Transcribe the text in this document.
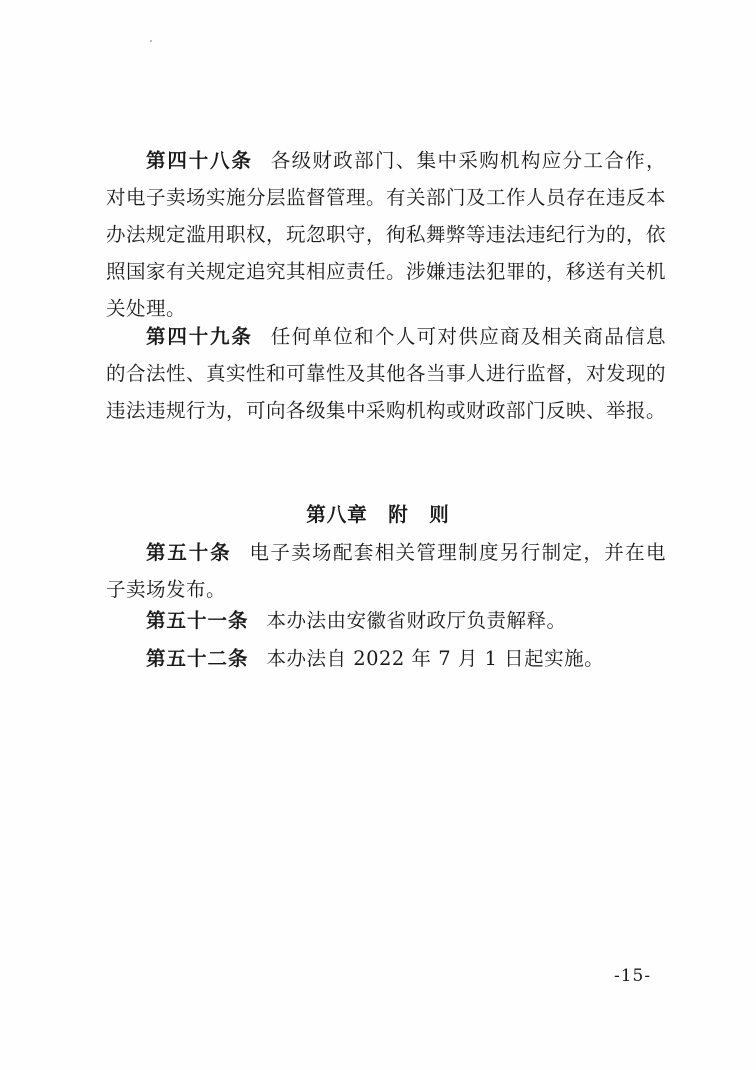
第四十八条 各级财政部门、集中采购机构应分工合作，对电子卖场实施分层监督管理。有关部门及工作人员存在违反本办法规定滥用职权，玩忽职守，徇私舞弊等违法违纪行为的，依照国家有关规定追究其相应责任。涉嫌违法犯罪的，移送有关机关处理。

第四十九条 任何单位和个人可对供应商及相关商品信息的合法性、真实性和可靠性及其他各当事人进行监督，对发现的违法违规行为，可向各级集中采购机构或财政部门反映、举报。

第八章　附　则

第五十条 电子卖场配套相关管理制度另行制定，并在电子卖场发布。

第五十一条 本办法由安徽省财政厅负责解释。

第五十二条 本办法自 2022 年 7 月 1 日起实施。

-15-
